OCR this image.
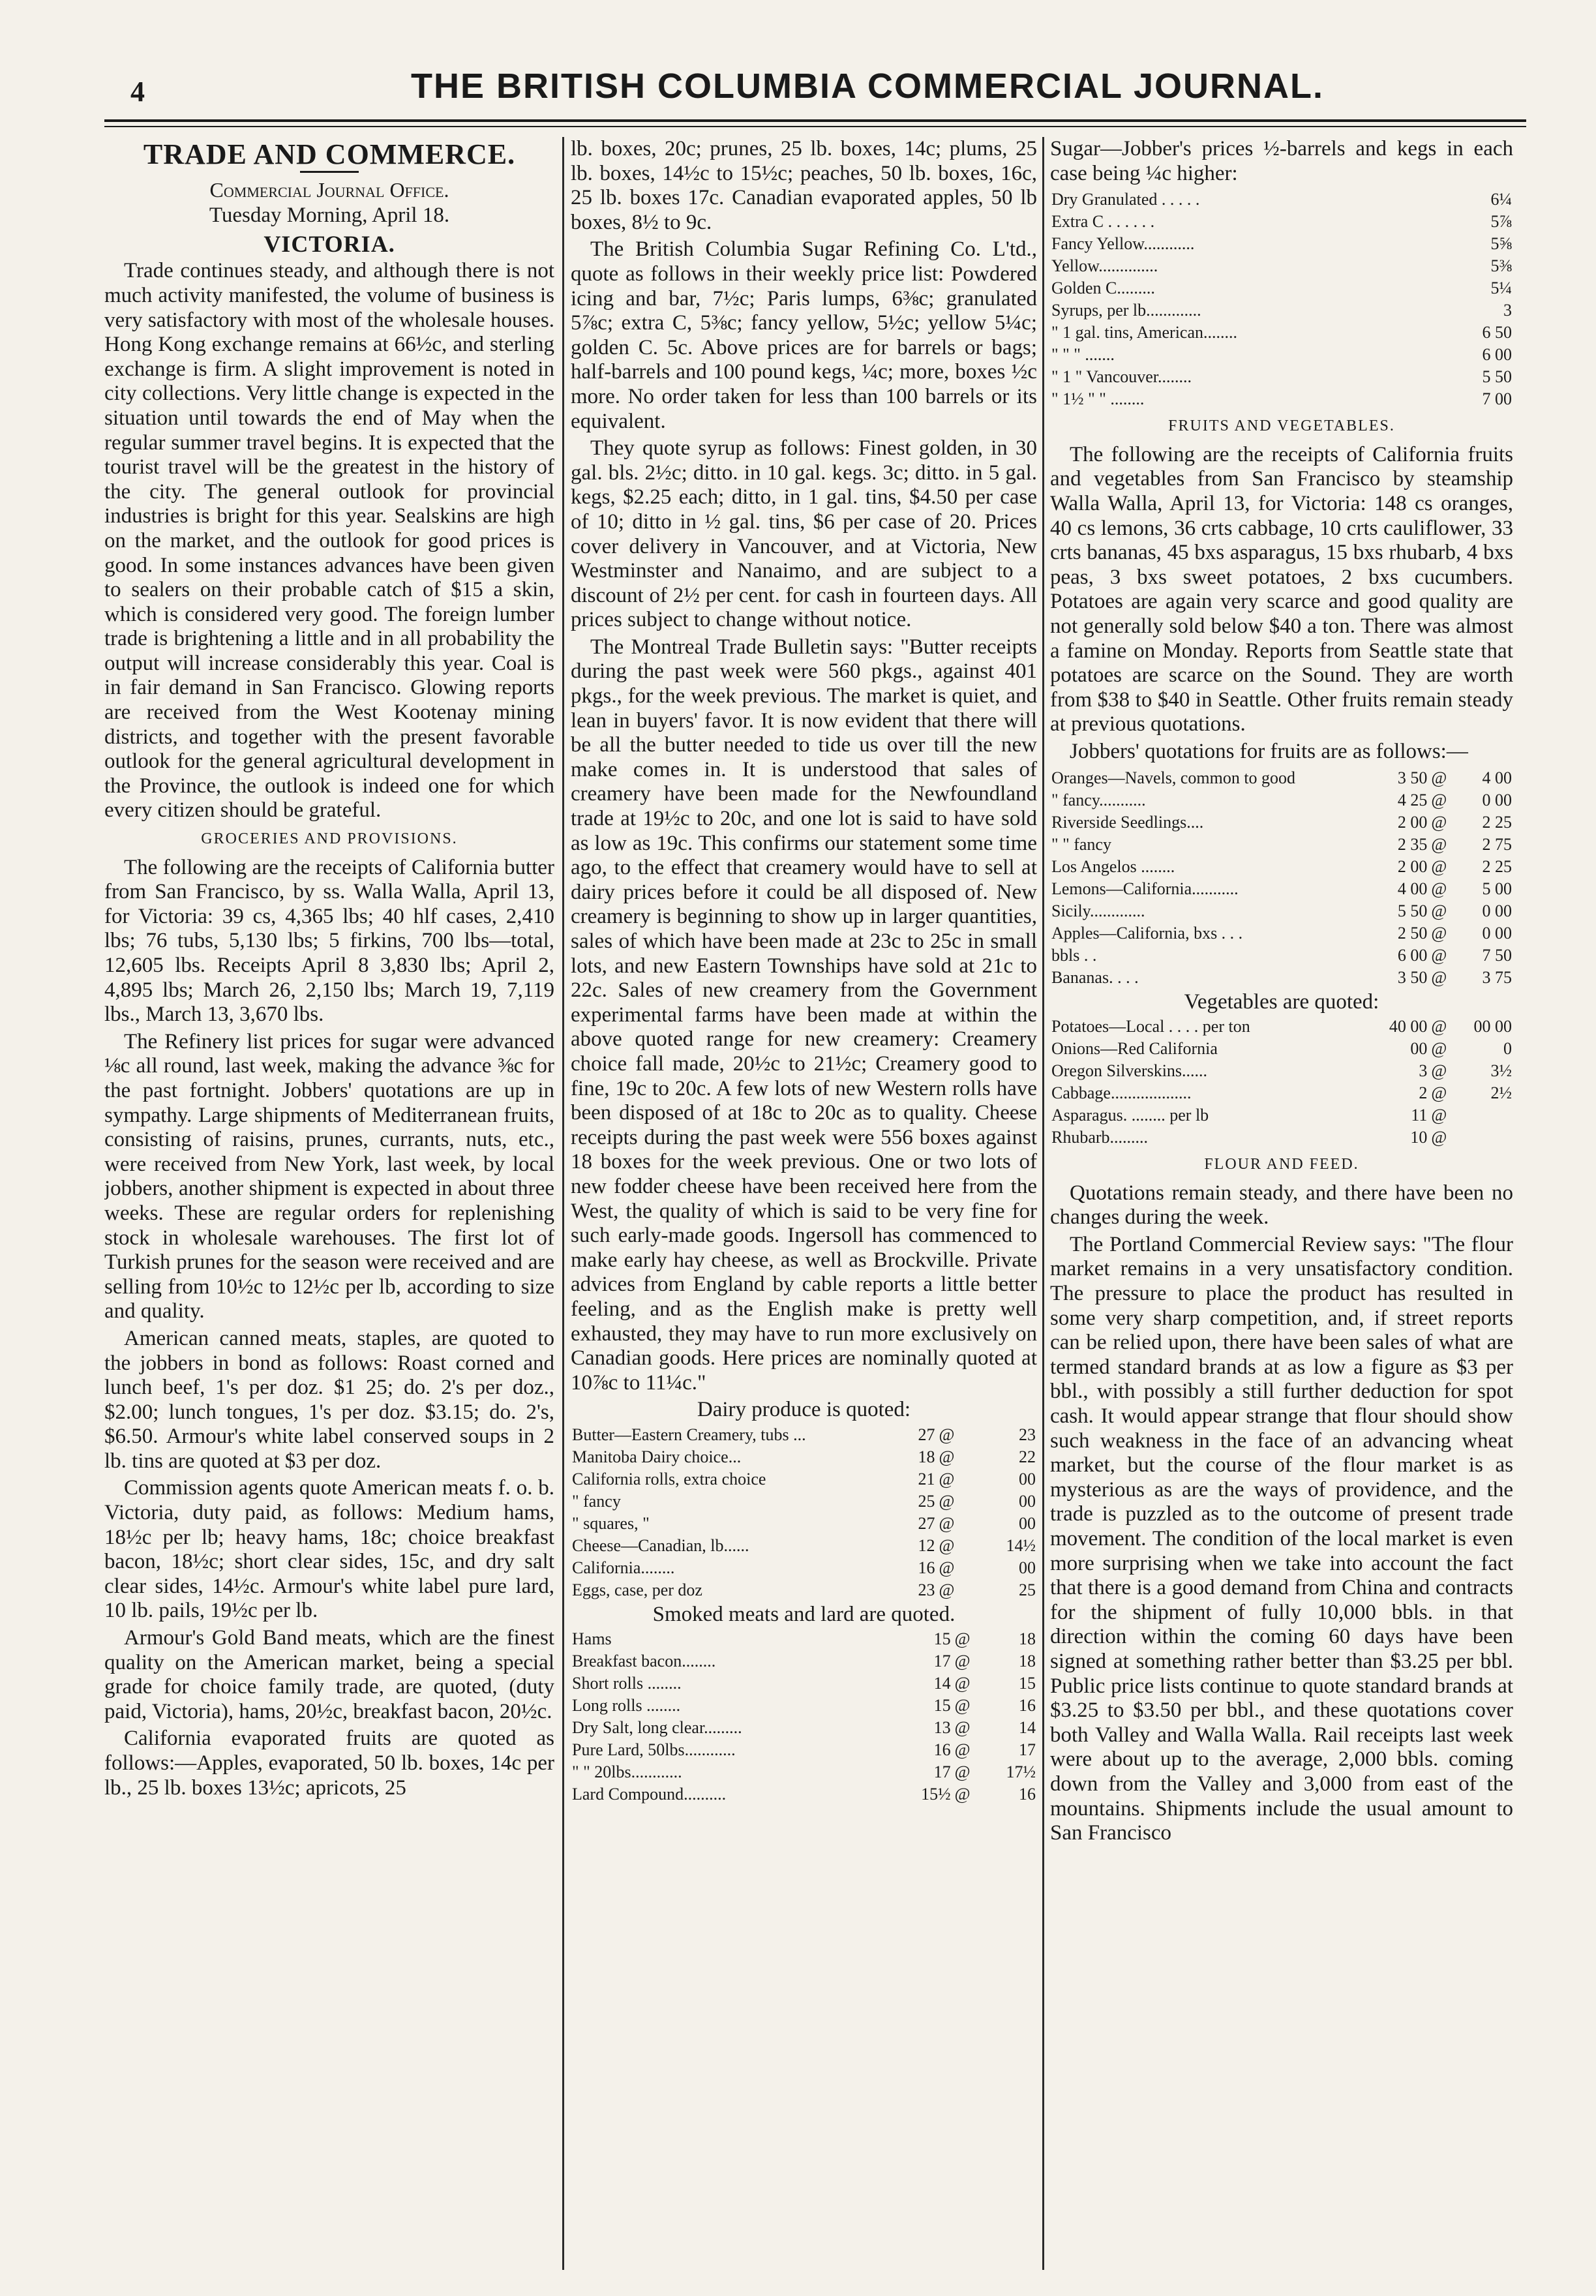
4	THE BRITISH COLUMBIA COMMERCIAL JOURNAL.
TRADE AND COMMERCE.
Commercial Journal Office.
Tuesday Morning, April 18.
VICTORIA.

Trade continues steady, and although there is not much activity manifested, the volume of business is very satisfactory with most of the wholesale houses. Hong Kong exchange remains at 66½c, and sterling exchange is firm. A slight improvement is noted in city collections. Very little change is expected in the situation until towards the end of May when the regular summer travel begins. It is expected that the tourist travel will be the greatest in the history of the city. The general outlook for provincial industries is bright for this year. Sealskins are high on the market, and the outlook for good prices is good. In some instances advances have been given to sealers on their probable catch of $15 a skin, which is considered very good. The foreign lumber trade is brightening a little and in all probability the output will increase considerably this year. Coal is in fair demand in San Francisco. Glowing reports are received from the West Kootenay mining districts, and together with the present favorable outlook for the general agricultural development in the Province, the outlook is indeed one for which every citizen should be grateful.

GROCERIES AND PROVISIONS.

The following are the receipts of California butter from San Francisco, by ss. Walla Walla, April 13, for Victoria: 39 cs, 4,365 lbs; 40 hlf cases, 2,410 lbs; 76 tubs, 5,130 lbs; 5 firkins, 700 lbs—total, 12,605 lbs. Receipts April 8 3,830 lbs; April 2, 4,895 lbs; March 26, 2,150 lbs; March 19, 7,119 lbs., March 13, 3,670 lbs.

The Refinery list prices for sugar were advanced ⅛c all round, last week, making the advance ⅜c for the past fortnight. Jobbers' quotations are up in sympathy. Large shipments of Mediterranean fruits, consisting of raisins, prunes, currants, nuts, etc., were received from New York, last week, by local jobbers, another shipment is expected in about three weeks. These are regular orders for replenishing stock in wholesale warehouses. The first lot of Turkish prunes for the season were received and are selling from 10½c to 12½c per lb, according to size and quality.

American canned meats, staples, are quoted to the jobbers in bond as follows: Roast corned and lunch beef, 1's per doz. $1 25; do. 2's per doz., $2.00; lunch tongues, 1's per doz. $3.15; do. 2's, $6.50. Armour's white label conserved soups in 2 lb. tins are quoted at $3 per doz.

Commission agents quote American meats f. o. b. Victoria, duty paid, as follows: Medium hams, 18½c per lb; heavy hams, 18c; choice breakfast bacon, 18½c; short clear sides, 15c, and dry salt clear sides, 14½c. Armour's white label pure lard, 10 lb. pails, 19½c per lb.

Armour's Gold Band meats, which are the finest quality on the American market, being a special grade for choice family trade, are quoted, (duty paid, Victoria), hams, 20½c, breakfast bacon, 20½c.

California evaporated fruits are quoted as follows:—Apples, evaporated, 50 lb. boxes, 14c per lb., 25 lb. boxes 13½c; apricots, 25

lb. boxes, 20c; prunes, 25 lb. boxes, 14c; plums, 25 lb. boxes, 14½c to 15½c; peaches, 50 lb. boxes, 16c, 25 lb. boxes 17c. Canadian evaporated apples, 50 lb boxes, 8½ to 9c.

The British Columbia Sugar Refining Co. L'td., quote as follows in their weekly price list: Powdered icing and bar, 7½c; Paris lumps, 6⅜c; granulated 5⅞c; extra C, 5⅜c; fancy yellow, 5½c; yellow 5¼c; golden C. 5c. Above prices are for barrels or bags; half-barrels and 100 pound kegs, ¼c; more, boxes ½c more. No order taken for less than 100 barrels or its equivalent.

They quote syrup as follows: Finest golden, in 30 gal. bls. 2½c; ditto. in 10 gal. kegs. 3c; ditto. in 5 gal. kegs, $2.25 each; ditto, in 1 gal. tins, $4.50 per case of 10; ditto in ½ gal. tins, $6 per case of 20. Prices cover delivery in Vancouver, and at Victoria, New Westminster and Nanaimo, and are subject to a discount of 2½ per cent. for cash in fourteen days. All prices subject to change without notice.

The Montreal Trade Bulletin says: "Butter receipts during the past week were 560 pkgs., against 401 pkgs., for the week previous. The market is quiet, and lean in buyers' favor. It is now evident that there will be all the butter needed to tide us over till the new make comes in. It is understood that sales of creamery have been made for the Newfoundland trade at 19½c to 20c, and one lot is said to have sold as low as 19c. This confirms our statement some time ago, to the effect that creamery would have to sell at dairy prices before it could be all disposed of. New creamery is beginning to show up in larger quantities, sales of which have been made at 23c to 25c in small lots, and new Eastern Townships have sold at 21c to 22c. Sales of new creamery from the Government experimental farms have been made at within the above quoted range for new creamery: Creamery choice fall made, 20½c to 21½c; Creamery good to fine, 19c to 20c. A few lots of new Western rolls have been disposed of at 18c to 20c as to quality. Cheese receipts during the past week were 556 boxes against 18 boxes for the week previous. One or two lots of new fodder cheese have been received here from the West, the quality of which is said to be very fine for such early-made goods. Ingersoll has commenced to make early hay cheese, as well as Brockville. Private advices from England by cable reports a little better feeling, and as the English make is pretty well exhausted, they may have to run more exclusively on Canadian goods. Here prices are nominally quoted at 10⅞c to 11¼c."

Dairy produce is quoted:
Butter—Eastern Creamery, tubs ...	27	@	23
Manitoba Dairy choice...	18	@	22
California rolls, extra choice	21	@	00
" fancy	25	@	00
" squares, "	27	@	00
Cheese—Canadian, lb......	12	@	14½
California........	16	@	00
Eggs, case, per doz	23	@	25
Smoked meats and lard are quoted.
Hams	15	@	18
Breakfast bacon........	17	@	18
Short rolls ........	14	@	15
Long rolls ........	15	@	16
Dry Salt, long clear.........	13	@	14
Pure Lard, 50lbs............	16	@	17
" " 20lbs............	17	@	17½
Lard Compound..........	15½	@	16

Sugar—Jobber's prices ½-barrels and kegs in each case being ¼c higher:

Dry Granulated . . . . .	6¼
Extra C . . . . . .	5⅞
Fancy Yellow............	5⅝
Yellow..............	5⅜
Golden C.........	5¼
Syrups, per lb.............	3
" 1 gal. tins, American........	6 50
" " " .......	6 00
" 1 " Vancouver........	5 50
" 1½ " " ........	7 00
FRUITS AND VEGETABLES.

The following are the receipts of California fruits and vegetables from San Francisco by steamship Walla Walla, April 13, for Victoria: 148 cs oranges, 40 cs lemons, 36 crts cabbage, 10 crts cauliflower, 33 crts bananas, 45 bxs asparagus, 15 bxs rhubarb, 4 bxs peas, 3 bxs sweet potatoes, 2 bxs cucumbers. Potatoes are again very scarce and good quality are not generally sold below $40 a ton. There was almost a famine on Monday. Reports from Seattle state that potatoes are scarce on the Sound. They are worth from $38 to $40 in Seattle. Other fruits remain steady at previous quotations.

Jobbers' quotations for fruits are as follows:—

Oranges—Navels, common to good	3 50	@	4 00
" fancy...........	4 25	@	0 00
Riverside Seedlings....	2 00	@	2 25
" " fancy	2 35	@	2 75
Los Angelos ........	2 00	@	2 25
Lemons—California...........	4 00	@	5 00
Sicily.............	5 50	@	0 00
Apples—California, bxs . . .	2 50	@	0 00
bbls . .	6 00	@	7 50
Bananas. . . .	3 50	@	3 75
Vegetables are quoted:
Potatoes—Local . . . . per ton	40 00	@	00 00
Onions—Red California	00	@	0
Oregon Silverskins......	3	@	3½
Cabbage...................	2	@	2½
Asparagus. ........ per lb	11	@	
Rhubarb.........	10	@	
FLOUR AND FEED.

Quotations remain steady, and there have been no changes during the week.

The Portland Commercial Review says: "The flour market remains in a very unsatisfactory condition. The pressure to place the product has resulted in some very sharp competition, and, if street reports can be relied upon, there have been sales of what are termed standard brands at as low a figure as $3 per bbl., with possibly a still further deduction for spot cash. It would appear strange that flour should show such weakness in the face of an advancing wheat market, but the course of the flour market is as mysterious as are the ways of providence, and the trade is puzzled as to the outcome of present trade movement. The condition of the local market is even more surprising when we take into account the fact that there is a good demand from China and contracts for the shipment of fully 10,000 bbls. in that direction within the coming 60 days have been signed at something rather better than $3.25 per bbl. Public price lists continue to quote standard brands at $3.25 to $3.50 per bbl., and these quotations cover both Valley and Walla Walla. Rail receipts last week were about up to the average, 2,000 bbls. coming down from the Valley and 3,000 from east of the mountains. Shipments include the usual amount to San Francisco
